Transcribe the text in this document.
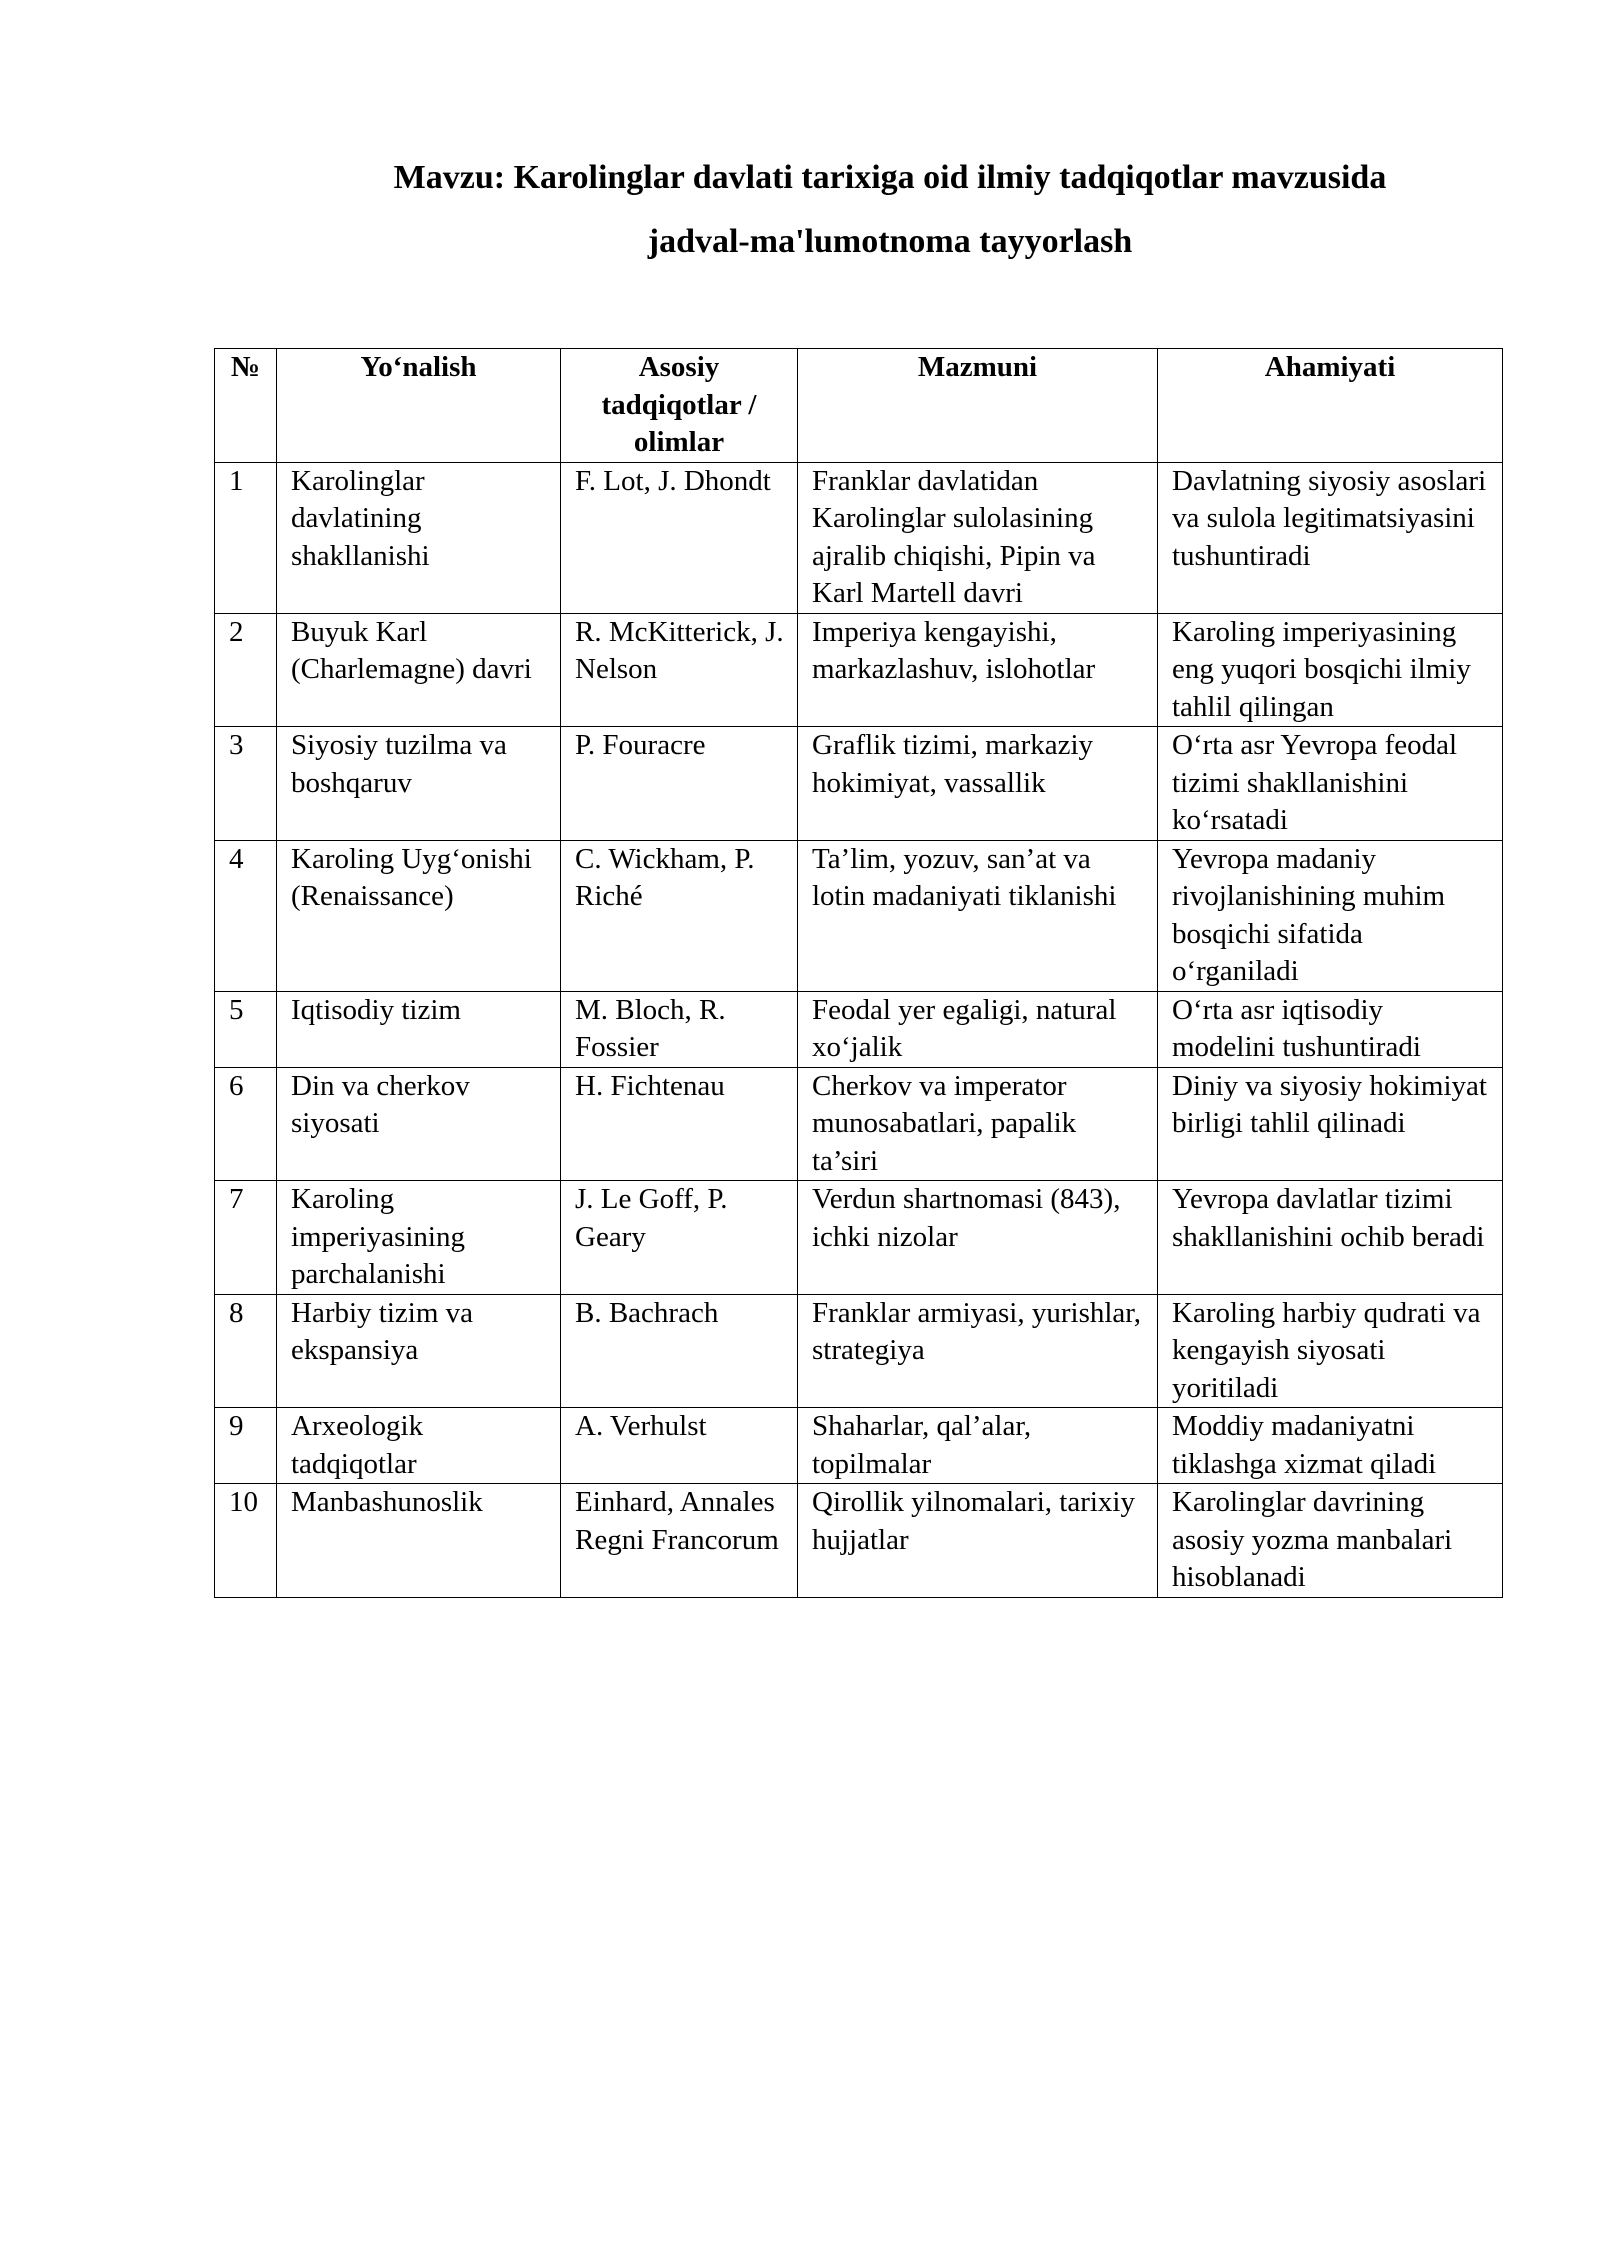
Mavzu: Karolinglar davlati tarixiga oid ilmiy tadqiqotlar mavzusida
jadval-ma'lumotnoma tayyorlash
№	Yo‘nalish	Asosiy tadqiqotlar / olimlar	Mazmuni	Ahamiyati
1	Karolinglar davlatining shakllanishi	F. Lot, J. Dhondt	Franklar davlatidan Karolinglar sulolasining ajralib chiqishi, Pipin va Karl Martell davri	Davlatning siyosiy asoslari va sulola legitimatsiyasini tushuntiradi
2	Buyuk Karl (Charlemagne) davri	R. McKitterick, J. Nelson	Imperiya kengayishi, markazlashuv, islohotlar	Karoling imperiyasining eng yuqori bosqichi ilmiy tahlil qilingan
3	Siyosiy tuzilma va boshqaruv	P. Fouracre	Graflik tizimi, markaziy hokimiyat, vassallik	O‘rta asr Yevropa feodal tizimi shakllanishini ko‘rsatadi
4	Karoling Uyg‘onishi (Renaissance)	C. Wickham, P. Riché	Ta’lim, yozuv, san’at va lotin madaniyati tiklanishi	Yevropa madaniy rivojlanishining muhim bosqichi sifatida o‘rganiladi
5	Iqtisodiy tizim	M. Bloch, R. Fossier	Feodal yer egaligi, natural xo‘jalik	O‘rta asr iqtisodiy modelini tushuntiradi
6	Din va cherkov siyosati	H. Fichtenau	Cherkov va imperator munosabatlari, papalik ta’siri	Diniy va siyosiy hokimiyat birligi tahlil qilinadi
7	Karoling imperiyasining parchalanishi	J. Le Goff, P. Geary	Verdun shartnomasi (843), ichki nizolar	Yevropa davlatlar tizimi shakllanishini ochib beradi
8	Harbiy tizim va ekspansiya	B. Bachrach	Franklar armiyasi, yurishlar, strategiya	Karoling harbiy qudrati va kengayish siyosati yoritiladi
9	Arxeologik tadqiqotlar	A. Verhulst	Shaharlar, qal’alar, topilmalar	Moddiy madaniyatni tiklashga xizmat qiladi
10	Manbashunoslik	Einhard, Annales Regni Francorum	Qirollik yilnomalari, tarixiy hujjatlar	Karolinglar davrining asosiy yozma manbalari hisoblanadi
